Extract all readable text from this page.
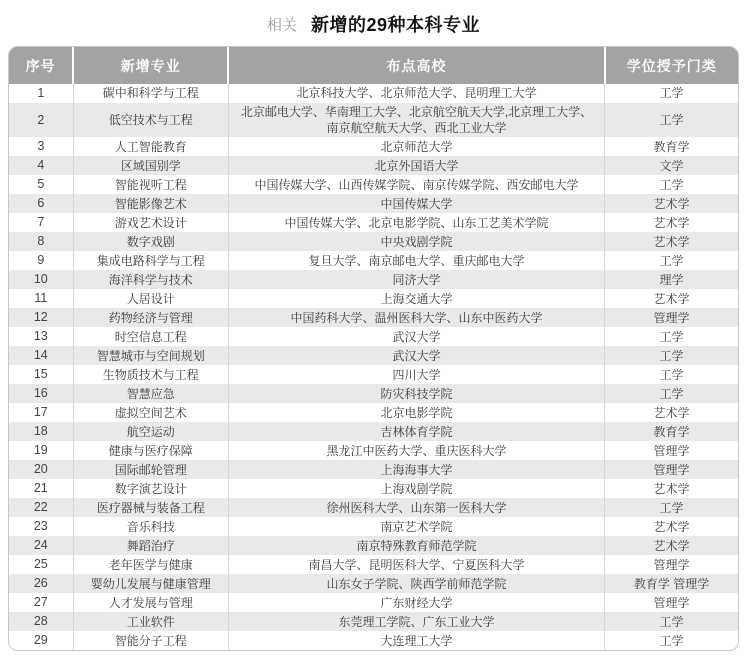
相关 新增的29种本科专业
序号	新增专业	布点高校	学位授予门类
1	碳中和科学与工程	北京科技大学、北京师范大学、昆明理工大学	工学
2	低空技术与工程	北京邮电大学、华南理工大学、北京航空航天大学,北京理工大学、南京航空航天大学、西北工业大学	工学
3	人工智能教育	北京师范大学	教育学
4	区域国别学	北京外国语大学	文学
5	智能视听工程	中国传媒大学、山西传媒学院、南京传媒学院、西安邮电大学	工学
6	智能影像艺术	中国传媒大学	艺术学
7	游戏艺术设计	中国传媒大学、北京电影学院、山东工艺美术学院	艺术学
8	数字戏剧	中央戏剧学院	艺术学
9	集成电路科学与工程	复旦大学、南京邮电大学、重庆邮电大学	工学
10	海洋科学与技术	同济大学	理学
11	人居设计	上海交通大学	艺术学
12	药物经济与管理	中国药科大学、温州医科大学、山东中医药大学	管理学
13	时空信息工程	武汉大学	工学
14	智慧城市与空间规划	武汉大学	工学
15	生物质技术与工程	四川大学	工学
16	智慧应急	防灾科技学院	工学
17	虚拟空间艺术	北京电影学院	艺术学
18	航空运动	吉林体育学院	教育学
19	健康与医疗保障	黑龙江中医药大学、重庆医科大学	管理学
20	国际邮轮管理	上海海事大学	管理学
21	数字演艺设计	上海戏剧学院	艺术学
22	医疗器械与装备工程	徐州医科大学、山东第一医科大学	工学
23	音乐科技	南京艺术学院	艺术学
24	舞蹈治疗	南京特殊教育师范学院	艺术学
25	老年医学与健康	南昌大学、昆明医科大学、宁夏医科大学	管理学
26	婴幼儿发展与健康管理	山东女子学院、陕西学前师范学院	教育学 管理学
27	人才发展与管理	广东财经大学	管理学
28	工业软件	东莞理工学院、广东工业大学	工学
29	智能分子工程	大连理工大学	工学
